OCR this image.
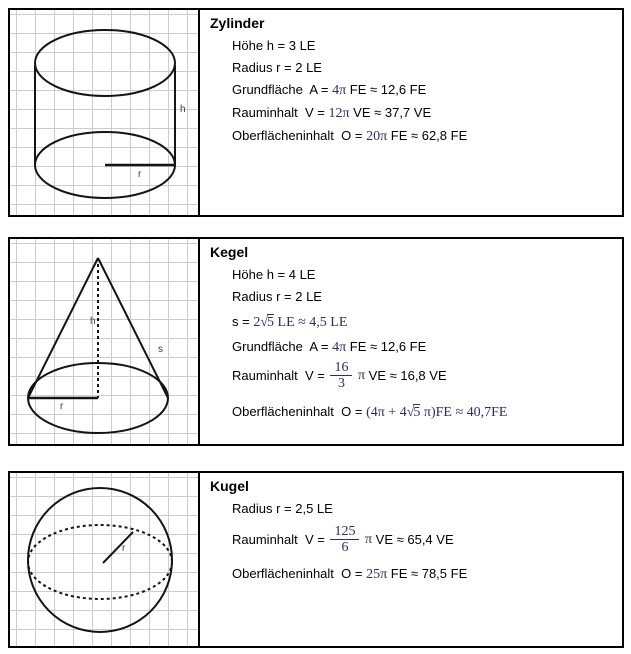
h
r
Zylinder
Höhe h = 3 LE
Radius r = 2 LE
Grundfläche  A = 4π FE ≈ 12,6 FE
Rauminhalt  V = 12π VE ≈ 37,7 VE
Oberflächeninhalt  O = 20π FE ≈ 62,8 FE
h
s
r
Kegel
Höhe h = 4 LE
Radius r = 2 LE
s = 2√5 LE ≈ 4,5 LE
Grundfläche  A = 4π FE ≈ 12,6 FE
Rauminhalt  $V = \frac{16}{3}$ π VE ≈ 16,8 VE
Oberflächeninhalt  O = (4π + 4√5 π)FE ≈ 40,7FE
r
Kugel
Radius r = 2,5 LE
Rauminhalt  $V = \frac{125}{6}$ π VE ≈ 65,4 VE
Oberflächeninhalt  O = 25π FE ≈ 78,5 FE
